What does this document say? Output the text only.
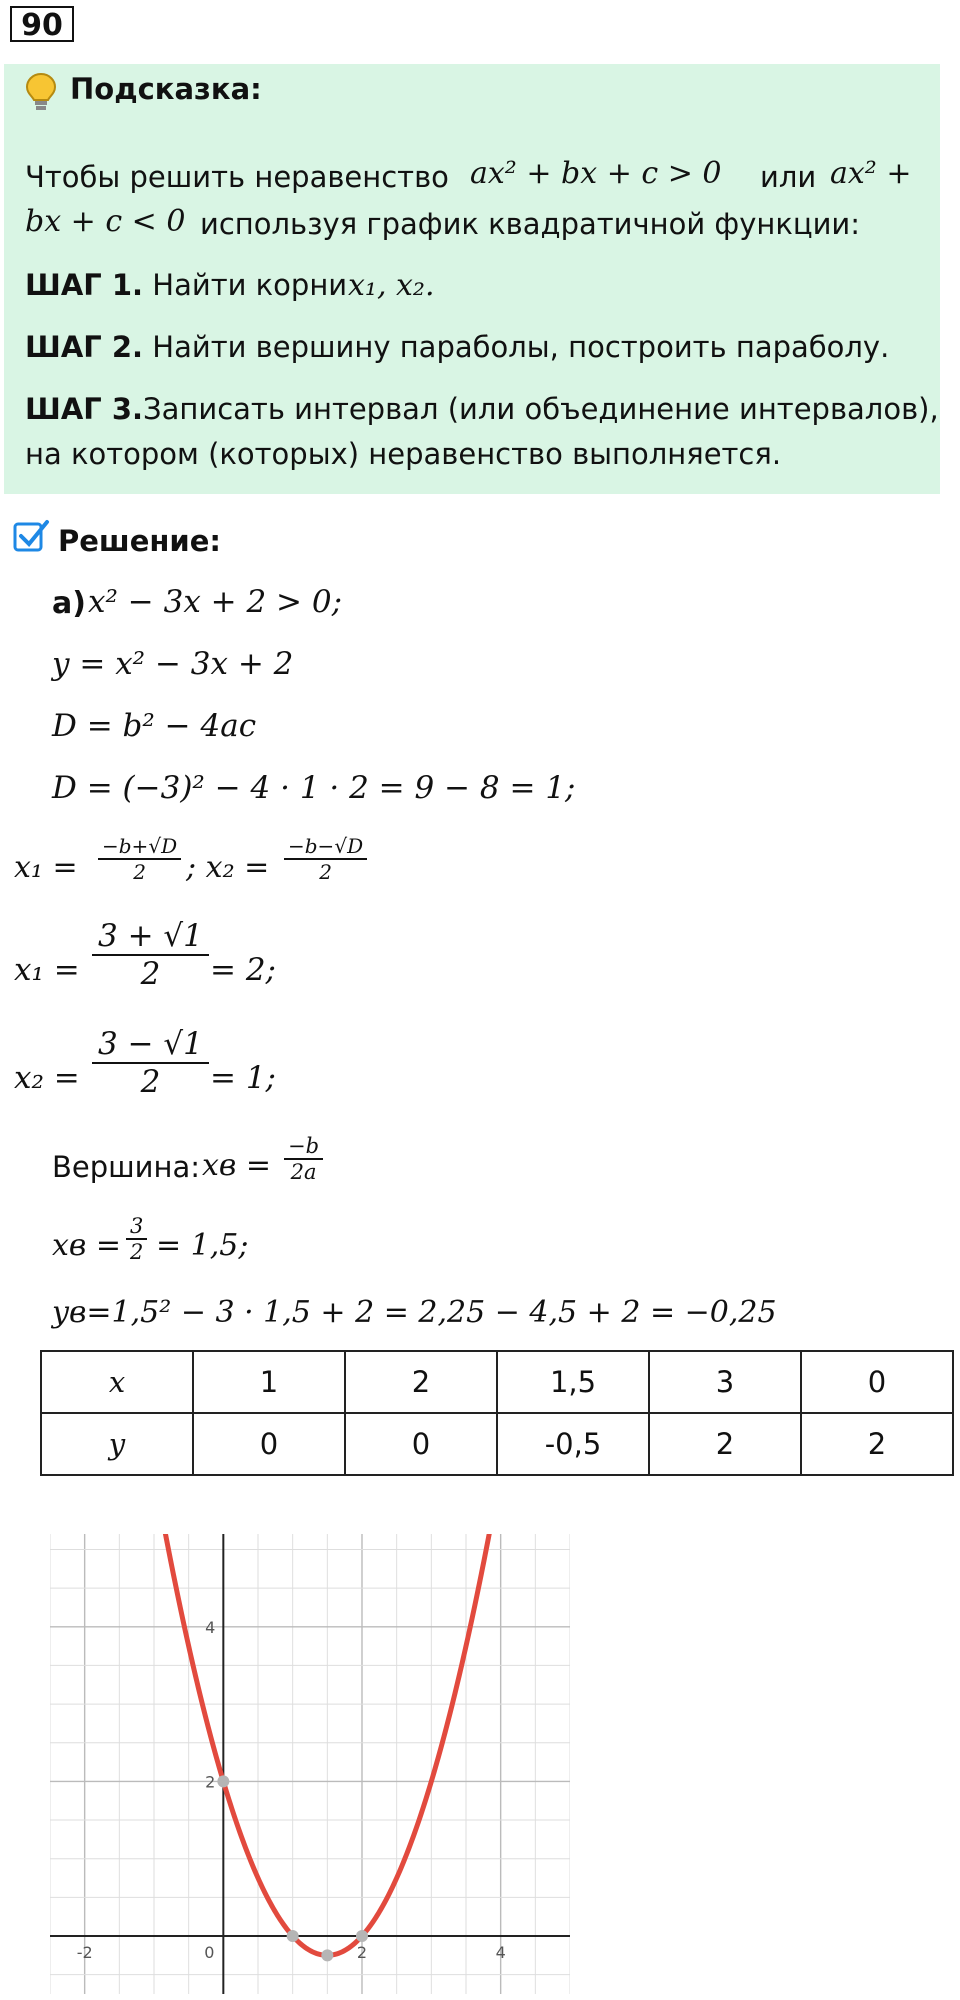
90
Подсказка:
Чтобы решить неравенство ax² + bx + c > 0 или ax² +
bx + c < 0 используя график квадратичной функции:
ШАГ 1. Найти корни x₁, x₂.
ШАГ 2. Найти вершину параболы, построить параболу.
ШАГ 3.Записать интервал (или объединение интервалов),
на котором (которых) неравенство выполняется.
Решение:
а) x² − 3x + 2 > 0;
y = x² − 3x + 2
D = b² − 4ac
D = (−3)² − 4 · 1 · 2 = 9 − 8 = 1;
$x_1 = \frac{-b+√D}{2}$ ; $x_2 = \frac{-b-√D}{2}$
$x_1 = \frac{3 + √1}{2} = 2$;
$x_2 = \frac{3 - √1}{2} = 1$;
Вершина: xв = $\frac{-b}{2a}$
xв = $\frac{3}{2} = 1,5$;
yв=1,5² − 3 · 1,5 + 2 = 2,25 − 4,5 + 2 = −0,25
x	1	2	1,5	3	0
y	0	0	-0,5	2	2
-2	0	2	4
2
4
